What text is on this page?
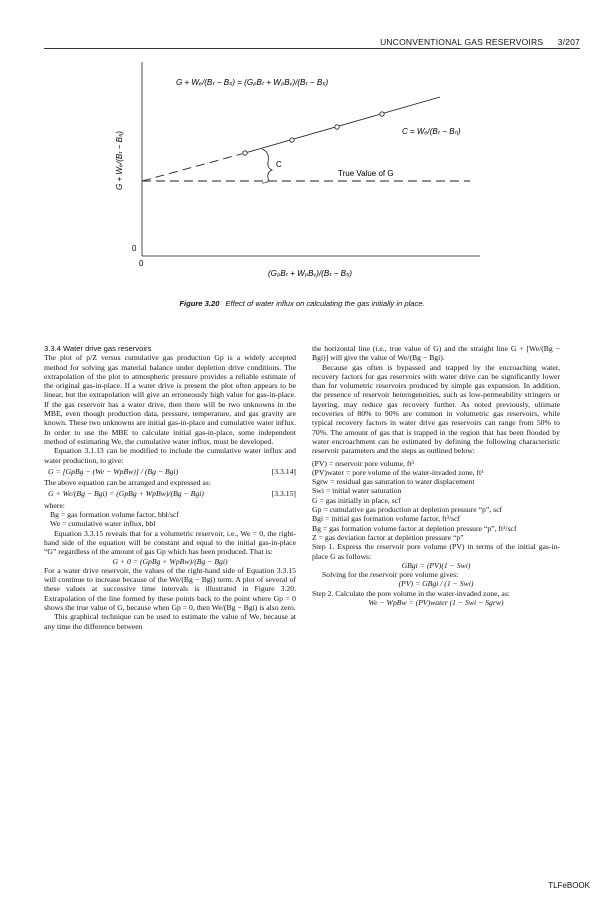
UNCONVENTIONAL GAS RESERVOIRS 3/207
C
True Value of G
G + Wₑ/(Bₜ − Bₜᵢ) = (GₚBₜ + WₚBᵥ)/(Bₜ − Bₜᵢ)
C = Wₑ/(Bₜ − Bₜᵢ)
G + Wₑ/(Bₜ − Bₜᵢ)
0
0
(GₚBₜ + WₚBᵥ)/(Bₜ − Bₜᵢ)
Figure 3.20 Effect of water influx on calculating the gas initially in place.

3.3.4 Water drive gas reservoirs

The plot of p/Z versus cumulative gas production Gp is a widely accepted method for solving gas material balance under depletion drive conditions. The extrapolation of the plot to atmospheric pressure provides a reliable estimate of the original gas-in-place. If a water drive is present the plot often appears to be linear, but the extrapolation will give an erroneously high value for gas-in-place. If the gas reservoir has a water drive, then there will be two unknowns in the MBE, even though production data, pressure, temperature, and gas gravity are known. These two unknowns are initial gas-in-place and cumulative water influx. In order to use the MBE to calculate initial gas-in-place, some independent method of estimating We, the cumulative water influx, must be developed.

Equation 3.1.13 can be modified to include the cumulative water influx and water production, to give:

G = [GpBg − (We − WpBw)] / (Bg − Bgi)	[3.3.14]

The above equation can be arranged and expressed as:

G + We/(Bg − Bgi) = (GpBg + WpBw)/(Bg − Bgi)	[3.3.15]

where:

Bg = gas formation volume factor, bbl/scf

We = cumulative water influx, bbl

Equation 3.3.15 reveals that for a volumetric reservoir, i.e., We = 0, the right-hand side of the equation will be constant and equal to the initial gas-in-place “G” regardless of the amount of gas Gp which has been produced. That is:

G + 0 = (GpBg + WpBw)/(Bg − Bgi)

For a water drive reservoir, the values of the right-hand side of Equation 3.3.15 will continue to increase because of the We/(Bg − Bgi) term. A plot of several of these values at successive time intervals is illustrated in Figure 3.20. Extrapolation of the line formed by these points back to the point where Gp = 0 shows the true value of G, because when Gp = 0, then We/(Bg − Bgi) is also zero.

This graphical technique can be used to estimate the value of We, because at any time the difference between

the horizontal line (i.e., true value of G) and the straight line G + [We/(Bg − Bgi)] will give the value of We/(Bg − Bgi).

Because gas often is bypassed and trapped by the encroaching water, recovery factors for gas reservoirs with water drive can be significantly lower than for volumetric reservoirs produced by simple gas expansion. In addition, the presence of reservoir heterogeneities, such as low-permeability stringers or layering, may reduce gas recovery further. As noted previously, ultimate recoveries of 80% to 90% are common in volumetric gas reservoirs, while typical recovery factors in water drive gas reservoirs can range from 50% to 70%. The amount of gas that is trapped in the region that has been flooded by water encroachment can be estimated by defining the following characteristic reservoir parameters and the steps as outlined below:

(PV) = reservoir pore volume, ft³

(PV)water = pore volume of the water-invaded zone, ft³

Sgrw = residual gas saturation to water displacement

Swi = initial water saturation

G = gas initially in place, scf

Gp = cumulative gas production at depletion pressure “p”, scf

Bgi = initial gas formation volume factor, ft³/scf

Bg = gas formation volume factor at depletion pressure “p”, ft³/scf

Z = gas deviation factor at depletion pressure “p”

Step 1. Express the reservoir pore volume (PV) in terms of the initial gas-in-place G as follows:

GBgi = (PV)(1 − Swi)

Solving for the reservoir pore volume gives:

(PV) = GBgi / (1 − Swi)

Step 2. Calculate the pore volume in the water-invaded zone, as:

We − WpBw = (PV)water (1 − Swi − Sgrw)

TLFeBOOK
